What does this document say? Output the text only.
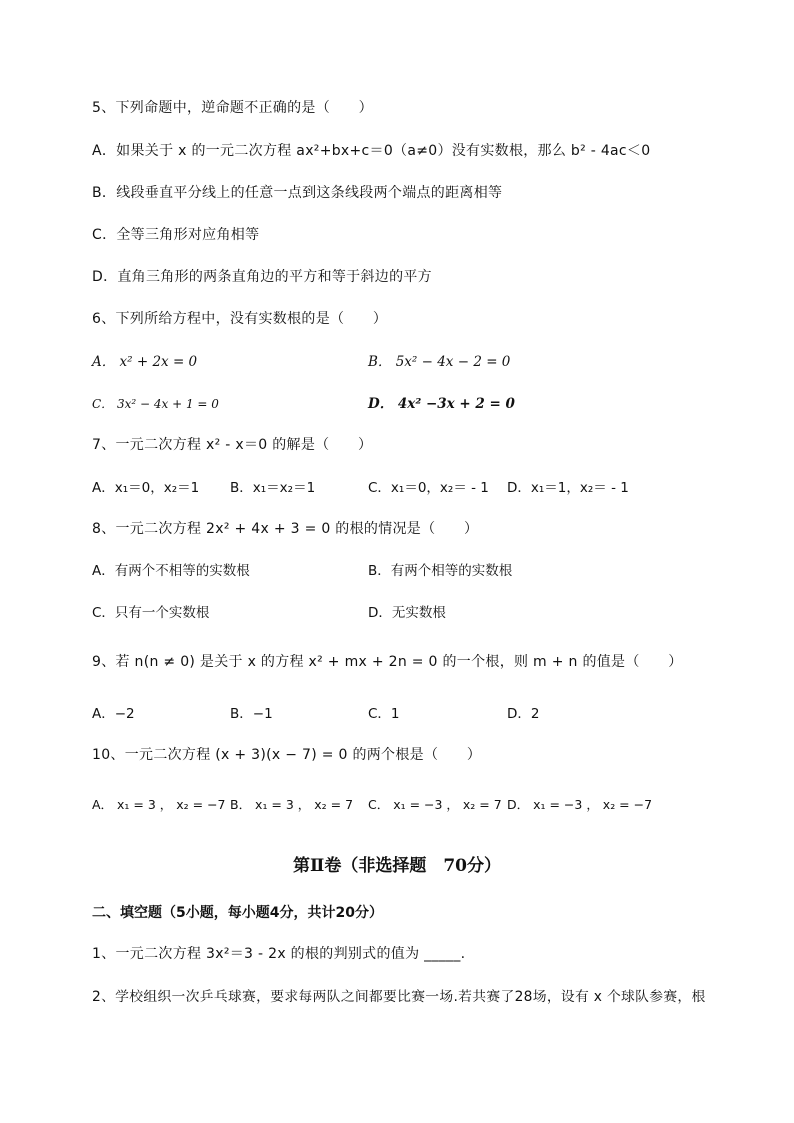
5、下列命题中，逆命题不正确的是（　　）
A．如果关于 x 的一元二次方程 ax²+bx+c＝0（a≠0）没有实数根，那么 b² - 4ac＜0
B．线段垂直平分线上的任意一点到这条线段两个端点的距离相等
C．全等三角形对应角相等
D．直角三角形的两条直角边的平方和等于斜边的平方
6、下列所给方程中，没有实数根的是（　　）
A． x² + 2x = 0	B． 5x² − 4x − 2 = 0
C． 3x² − 4x + 1 = 0	D． 4x² −3x + 2 = 0
7、一元二次方程 x² - x＝0 的解是（　　）
A．x₁＝0，x₂＝1 B．x₁＝x₂＝1	C．x₁＝0，x₂＝ - 1 D．x₁＝1，x₂＝ - 1
8、一元二次方程 2x² + 4x + 3 = 0 的根的情况是（　　）
A．有两个不相等的实数根	B．有两个相等的实数根
C．只有一个实数根	D．无实数根
9、若 n(n ≠ 0) 是关于 x 的方程 x² + mx + 2n = 0 的一个根，则 m + n 的值是（　　）
A．−2	B．−1	C．1	D．2
10、一元二次方程 (x + 3)(x − 7) = 0 的两个根是（　　）
A． x₁ = 3 ， x₂ = −7 B． x₁ = 3 ， x₂ = 7 C． x₁ = −3 ， x₂ = 7 D． x₁ = −3 ， x₂ = −7
第Ⅱ卷（非选择题　70分）
二、填空题（5小题，每小题4分，共计20分）
1、一元二次方程 3x²＝3 - 2x 的根的判别式的值为 _____.
2、学校组织一次乒乓球赛，要求每两队之间都要比赛一场.若共赛了28场，设有 x 个球队参赛，根
